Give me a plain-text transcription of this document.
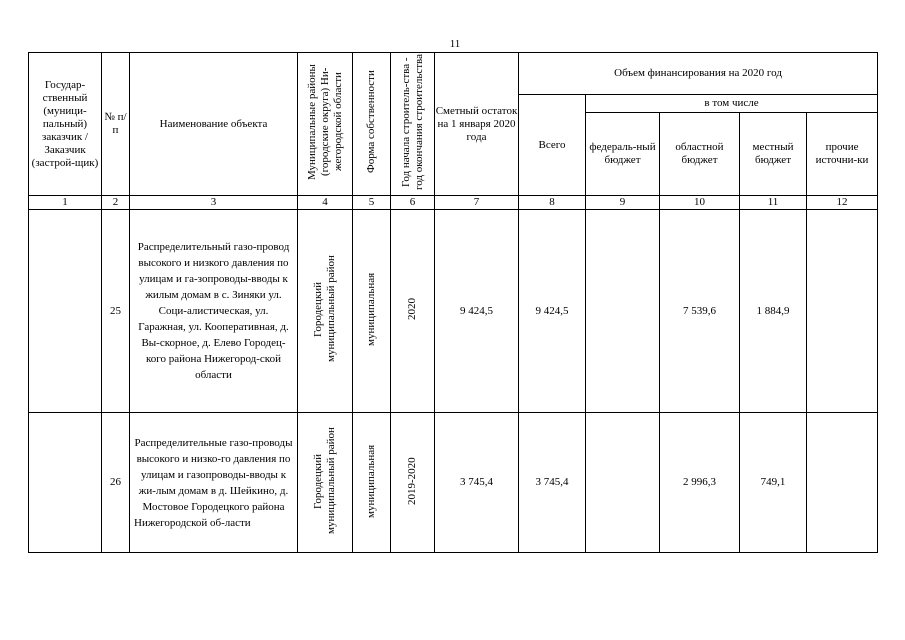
11
Государ-ственный (муници-пальный) заказчик / Заказчик (застрой-щик)	№ п/п	Наименование объекта	Муниципальные районы (городские округа) Ни-жегородской области	Форма собственности	Год начала строитель-ства - год окончания строительства	Сметный остаток на 1 января 2020 года	Объем финансирования на 2020 год				
							Всего	в том числе			
								федераль-ный бюджет	областной бюджет	местный бюджет	прочие источни-ки
1	2	3	4	5	6	7	8	9	10	11	12
	25	Распределительный газо-провод высокого и низкого давления по улицам и га-зопроводы-вводы к жилым домам в с. Зиняки ул. Соци-алистическая, ул. Гаражная, ул. Кооперативная, д. Вы-скорное, д. Елево Городец-кого района Нижегород-ской области	Городецкий муниципальный район	муниципальная	2020	9 424,5	9 424,5		7 539,6	1 884,9	
	26	Распределительные газо-проводы высокого и низко-го давления по улицам и газопроводы-вводы к жи-лым домам в д. Шейкино, д. Мостовое Городецкого района Нижегородской об-ласти	Городецкий муниципальный район	муниципальная	2019-2020	3 745,4	3 745,4		2 996,3	749,1	
